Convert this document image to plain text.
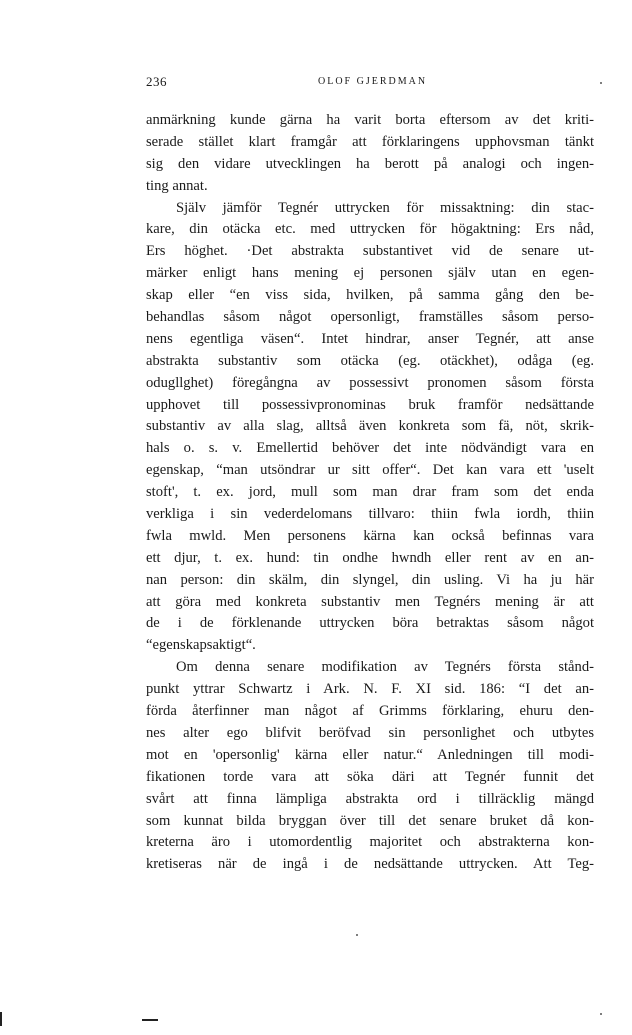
236	OLOF GJERDMAN
anmärkning kunde gärna ha varit borta eftersom av det kriti-
serade stället klart framgår att förklaringens upphovsman tänkt
sig den vidare utvecklingen ha berott på analogi och ingen-
ting annat.
Själv jämför Tegnér uttrycken för missaktning: din stac-
kare, din otäcka etc. med uttrycken för högaktning: Ers nåd,
Ers höghet. ·Det abstrakta substantivet vid de senare ut-
märker enligt hans mening ej personen själv utan en egen-
skap eller “en viss sida, hvilken, på samma gång den be-
behandlas såsom något opersonligt, framställes såsom perso-
nens egentliga väsen“. Intet hindrar, anser Tegnér, att anse
abstrakta substantiv som otäcka (eg. otäckhet), odåga (eg.
odugllghet) föregångna av possessivt pronomen såsom första
upphovet till possessivpronominas bruk framför nedsättande
substantiv av alla slag, alltså även konkreta som fä, nöt, skrik-
hals o. s. v. Emellertid behöver det inte nödvändigt vara en
egenskap, “man utsöndrar ur sitt offer“. Det kan vara ett 'uselt
stoft', t. ex. jord, mull som man drar fram som det enda
verkliga i sin vederdelomans tillvaro: thiin fwla iordh, thiin
fwla mwld. Men personens kärna kan också befinnas vara
ett djur, t. ex. hund: tin ondhe hwndh eller rent av en an-
nan person: din skälm, din slyngel, din usling. Vi ha ju här
att göra med konkreta substantiv men Tegnérs mening är att
de i de förklenande uttrycken böra betraktas såsom något
“egenskapsaktigt“.
Om denna senare modifikation av Tegnérs första stånd-
punkt yttrar Schwartz i Ark. N. F. XI sid. 186: “I det an-
förda återfinner man något af Grimms förklaring, ehuru den-
nes alter ego blifvit beröfvad sin personlighet och utbytes
mot en 'opersonlig' kärna eller natur.“ Anledningen till modi-
fikationen torde vara att söka däri att Tegnér funnit det
svårt att finna lämpliga abstrakta ord i tillräcklig mängd
som kunnat bilda bryggan över till det senare bruket då kon-
kreterna äro i utomordentlig majoritet och abstrakterna kon-
kretiseras när de ingå i de nedsättande uttrycken. Att Teg-
